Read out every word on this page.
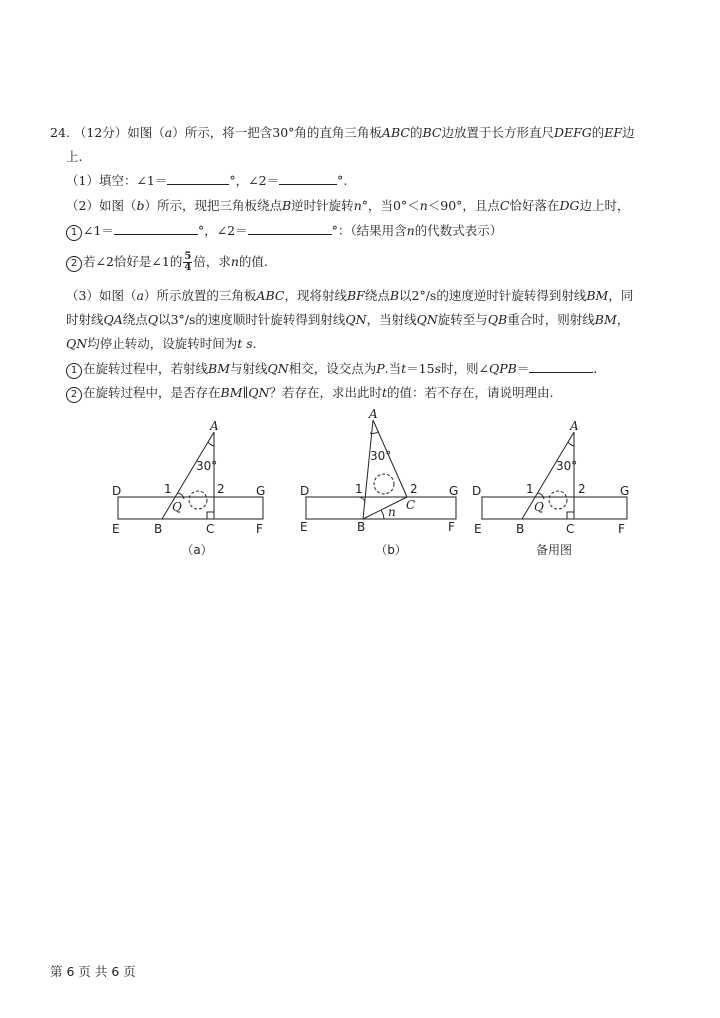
24. （12分）如图（a）所示，将一把含30°角的直角三角板ABC的BC边放置于长方形直尺DEFG的EF边
上.
（1）填空：∠1＝	°，∠2＝	°.
（2）如图（b）所示，现把三角板绕点B逆时针旋转n°，当0°＜n＜90°，且点C恰好落在DG边上时，
1 ∠1＝	°，∠2＝	°：（结果用含n的代数式表示）
2 若∠2恰好是∠1的 $\frac{5}{4}$ 倍，求n的值.
（3）如图（a）所示放置的三角板ABC，现将射线BF绕点B以2°/s的速度逆时针旋转得到射线BM，同
时射线QA绕点Q以3°/s的速度顺时针旋转得到射线QN，当射线QN旋转至与QB重合时，则射线BM，
QN均停止转动，设旋转时间为t s.
1 在旋转过程中，若射线BM与射线QN相交，设交点为P.当t＝15s时，则∠QPB＝	.
2 在旋转过程中，是否存在BM∥QN？若存在，求出此时t的值：若不存在，请说明理由.
A
30°
D	1	2	G
Q
E	B	C	F
（a）
A
30°
D	1	2	G
C
n
E	B	F
（b）
A
30°
D	1	2	G
Q
E	B	C	F
备用图
第 6 页 共 6 页
